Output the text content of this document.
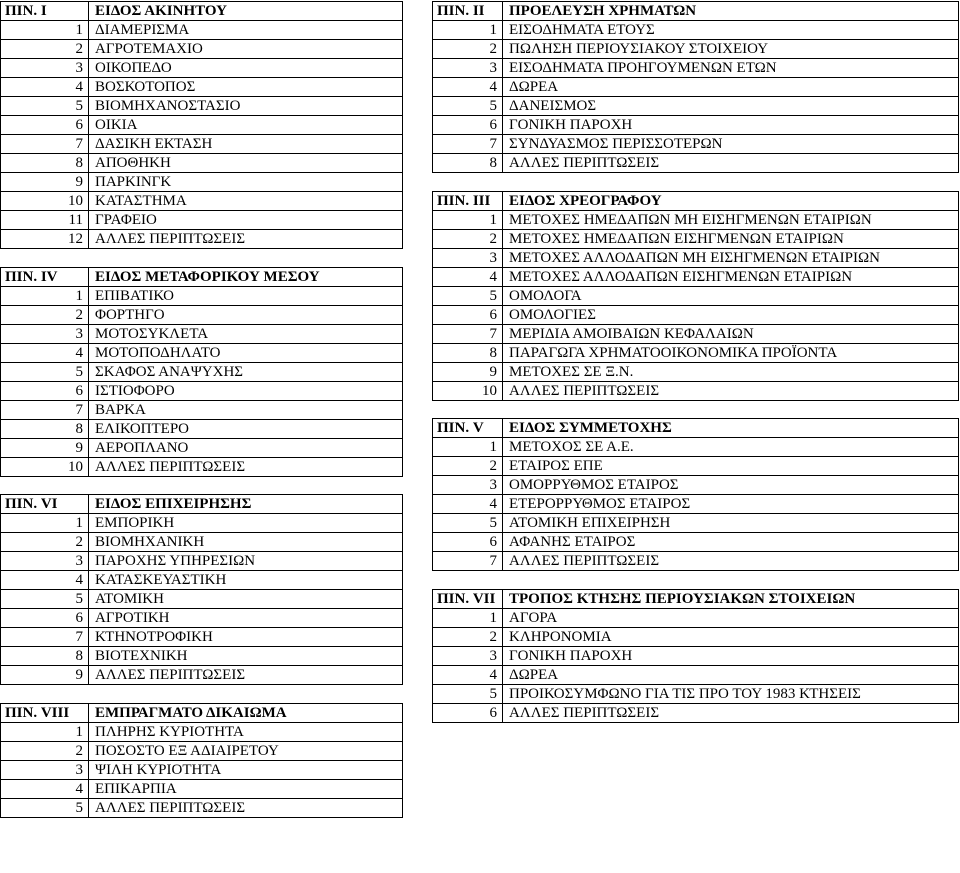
ΠΙΝ. I	ΕΙΔΟΣ ΑΚΙΝΗΤΟΥ
1	ΔΙΑΜΕΡΙΣΜΑ
2	ΑΓΡΟΤΕΜΑΧΙΟ
3	ΟΙΚΟΠΕΔΟ
4	ΒΟΣΚΟΤΟΠΟΣ
5	ΒΙΟΜΗΧΑΝΟΣΤΑΣΙΟ
6	ΟΙΚΙΑ
7	ΔΑΣΙΚΗ ΕΚΤΑΣΗ
8	ΑΠΟΘΗΚΗ
9	ΠΑΡΚΙΝΓΚ
10	ΚΑΤΑΣΤΗΜΑ
11	ΓΡΑΦΕΙΟ
12	ΑΛΛΕΣ ΠΕΡΙΠΤΩΣΕΙΣ

ΠΙΝ. IV	ΕΙΔΟΣ ΜΕΤΑΦΟΡΙΚΟΥ ΜΕΣΟΥ
1	ΕΠΙΒΑΤΙΚΟ
2	ΦΟΡΤΗΓΟ
3	ΜΟΤΟΣΥΚΛΕΤΑ
4	ΜΟΤΟΠΟΔΗΛΑΤΟ
5	ΣΚΑΦΟΣ ΑΝΑΨΥΧΗΣ
6	ΙΣΤΙΟΦΟΡΟ
7	ΒΑΡΚΑ
8	ΕΛΙΚΟΠΤΕΡΟ
9	ΑΕΡΟΠΛΑΝΟ
10	ΑΛΛΕΣ ΠΕΡΙΠΤΩΣΕΙΣ

ΠΙΝ. VI	ΕΙΔΟΣ ΕΠΙΧΕΙΡΗΣΗΣ
1	ΕΜΠΟΡΙΚΗ
2	ΒΙΟΜΗΧΑΝΙΚΗ
3	ΠΑΡΟΧΗΣ ΥΠΗΡΕΣΙΩΝ
4	ΚΑΤΑΣΚΕΥΑΣΤΙΚΗ
5	ΑΤΟΜΙΚΗ
6	ΑΓΡΟΤΙΚΗ
7	ΚΤΗΝΟΤΡΟΦΙΚΗ
8	ΒΙΟΤΕΧΝΙΚΗ
9	ΑΛΛΕΣ ΠΕΡΙΠΤΩΣΕΙΣ

ΠΙΝ. VIII	ΕΜΠΡΑΓΜΑΤΟ ΔΙΚΑΙΩΜΑ
1	ΠΛΗΡΗΣ ΚΥΡΙΟΤΗΤΑ
2	ΠΟΣΟΣΤΟ ΕΞ ΑΔΙΑΙΡΕΤΟΥ
3	ΨΙΛΗ ΚΥΡΙΟΤΗΤΑ
4	ΕΠΙΚΑΡΠΙΑ
5	ΑΛΛΕΣ ΠΕΡΙΠΤΩΣΕΙΣ
ΠΙΝ. II	ΠΡΟΕΛΕΥΣΗ ΧΡΗΜΑΤΩΝ
1	ΕΙΣΟΔΗΜΑΤΑ ΕΤΟΥΣ
2	ΠΩΛΗΣΗ ΠΕΡΙΟΥΣΙΑΚΟΥ ΣΤΟΙΧΕΙΟΥ
3	ΕΙΣΟΔΗΜΑΤΑ ΠΡΟΗΓΟΥΜΕΝΩΝ ΕΤΩΝ
4	ΔΩΡΕΑ
5	ΔΑΝΕΙΣΜΟΣ
6	ΓΟΝΙΚΗ ΠΑΡΟΧΗ
7	ΣΥΝΔΥΑΣΜΟΣ ΠΕΡΙΣΣΟΤΕΡΩΝ
8	ΑΛΛΕΣ ΠΕΡΙΠΤΩΣΕΙΣ

ΠΙΝ. III	ΕΙΔΟΣ ΧΡΕΟΓΡΑΦΟΥ
1	ΜΕΤΟΧΕΣ ΗΜΕΔΑΠΩΝ ΜΗ ΕΙΣΗΓΜΕΝΩΝ ΕΤΑΙΡΙΩΝ
2	ΜΕΤΟΧΕΣ ΗΜΕΔΑΠΩΝ ΕΙΣΗΓΜΕΝΩΝ ΕΤΑΙΡΙΩΝ
3	ΜΕΤΟΧΕΣ ΑΛΛΟΔΑΠΩΝ ΜΗ ΕΙΣΗΓΜΕΝΩΝ ΕΤΑΙΡΙΩΝ
4	ΜΕΤΟΧΕΣ ΑΛΛΟΔΑΠΩΝ ΕΙΣΗΓΜΕΝΩΝ ΕΤΑΙΡΙΩΝ
5	ΟΜΟΛΟΓΑ
6	ΟΜΟΛΟΓΙΕΣ
7	ΜΕΡΙΔΙΑ ΑΜΟΙΒΑΙΩΝ ΚΕΦΑΛΑΙΩΝ
8	ΠΑΡΑΓΩΓΑ ΧΡΗΜΑΤΟΟΙΚΟΝΟΜΙΚΑ ΠΡΟΪΟΝΤΑ
9	ΜΕΤΟΧΕΣ ΣΕ Ξ.Ν.
10	ΑΛΛΕΣ ΠΕΡΙΠΤΩΣΕΙΣ

ΠΙΝ. V	ΕΙΔΟΣ ΣΥΜΜΕΤΟΧΗΣ
1	ΜΕΤΟΧΟΣ ΣΕ Α.Ε.
2	ΕΤΑΙΡΟΣ ΕΠΕ
3	ΟΜΟΡΡΥΘΜΟΣ ΕΤΑΙΡΟΣ
4	ΕΤΕΡΟΡΡΥΘΜΟΣ ΕΤΑΙΡΟΣ
5	ΑΤΟΜΙΚΗ ΕΠΙΧΕΙΡΗΣΗ
6	ΑΦΑΝΗΣ ΕΤΑΙΡΟΣ
7	ΑΛΛΕΣ ΠΕΡΙΠΤΩΣΕΙΣ

ΠΙΝ. VII	ΤΡΟΠΟΣ ΚΤΗΣΗΣ ΠΕΡΙΟΥΣΙΑΚΩΝ ΣΤΟΙΧΕΙΩΝ
1	ΑΓΟΡΑ
2	ΚΛΗΡΟΝΟΜΙΑ
3	ΓΟΝΙΚΗ ΠΑΡΟΧΗ
4	ΔΩΡΕΑ
5	ΠΡΟΙΚΟΣΥΜΦΩΝΟ ΓΙΑ ΤΙΣ ΠΡΟ ΤΟΥ 1983 ΚΤΗΣΕΙΣ
6	ΑΛΛΕΣ ΠΕΡΙΠΤΩΣΕΙΣ
